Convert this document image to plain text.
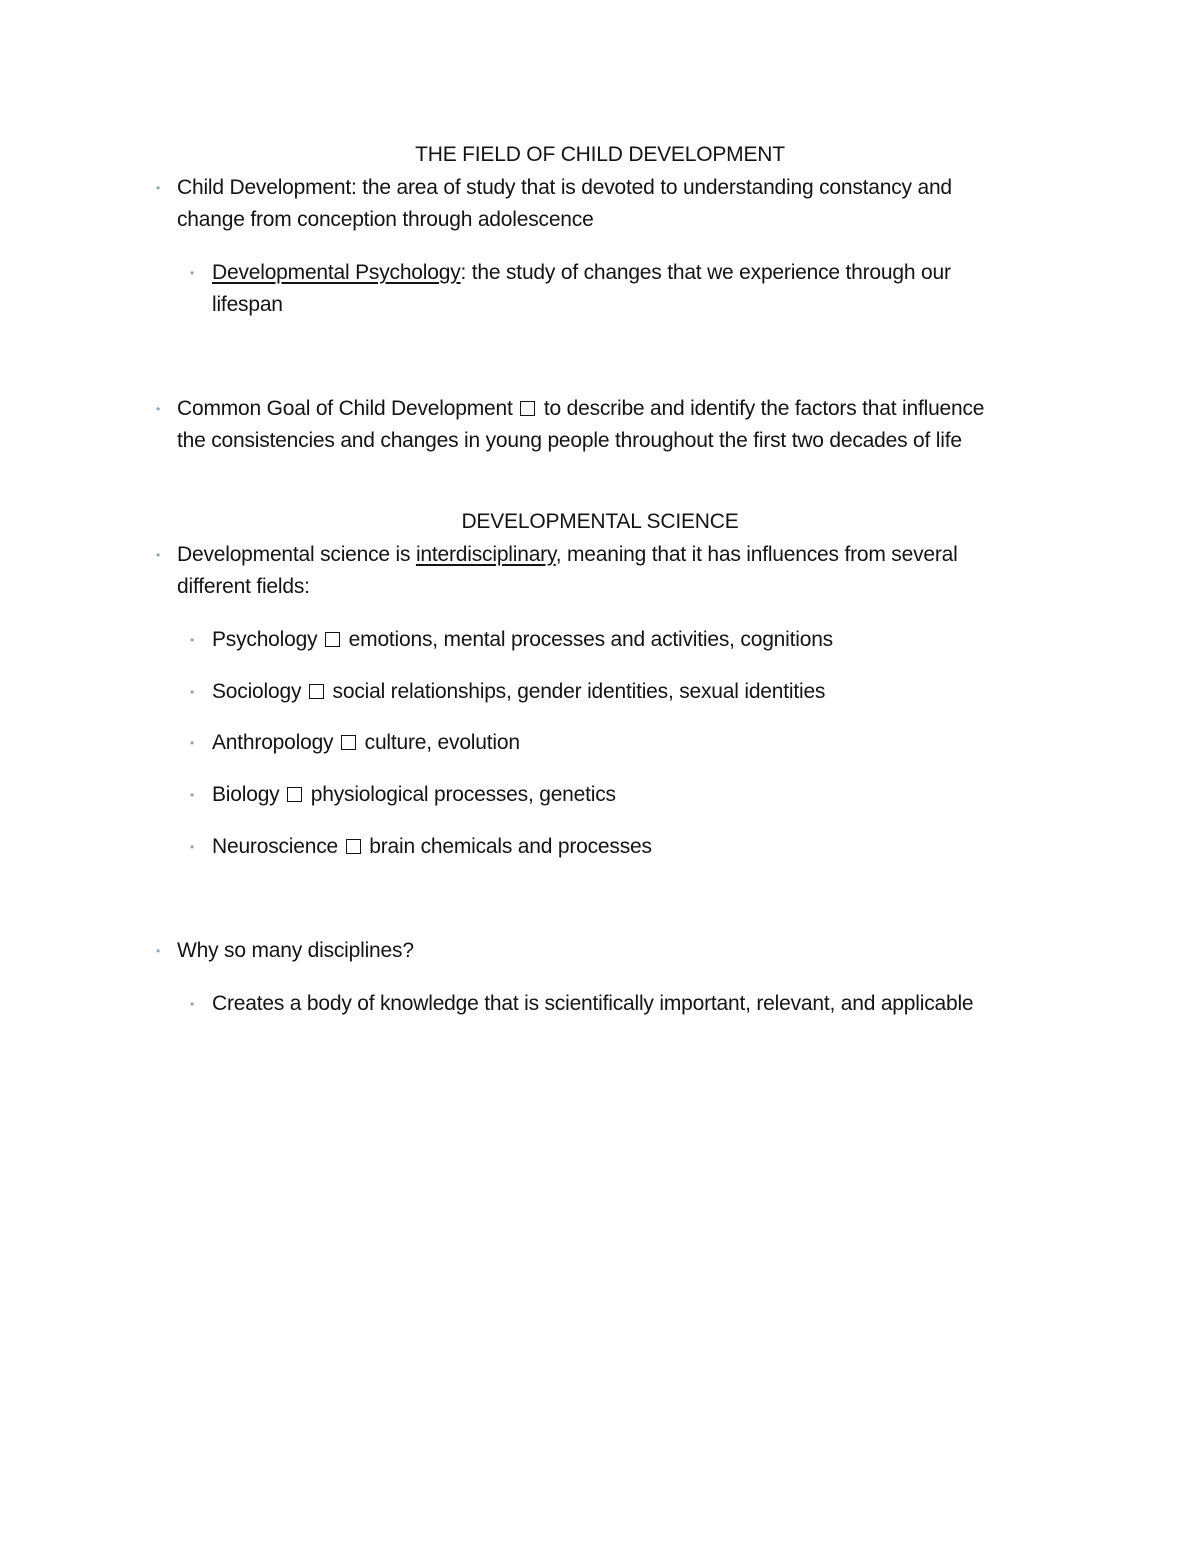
THE FIELD OF CHILD DEVELOPMENT
• Child Development: the area of study that is devoted to understanding constancy and
change from conception through adolescence
• Developmental Psychology: the study of changes that we experience through our
lifespan
• Common Goal of Child Development to describe and identify the factors that influence
the consistencies and changes in young people throughout the first two decades of life
DEVELOPMENTAL SCIENCE
• Developmental science is interdisciplinary, meaning that it has influences from several
different fields:
• Psychology emotions, mental processes and activities, cognitions
• Sociology social relationships, gender identities, sexual identities
• Anthropology culture, evolution
• Biology physiological processes, genetics
• Neuroscience brain chemicals and processes
• Why so many disciplines?
• Creates a body of knowledge that is scientifically important, relevant, and applicable
